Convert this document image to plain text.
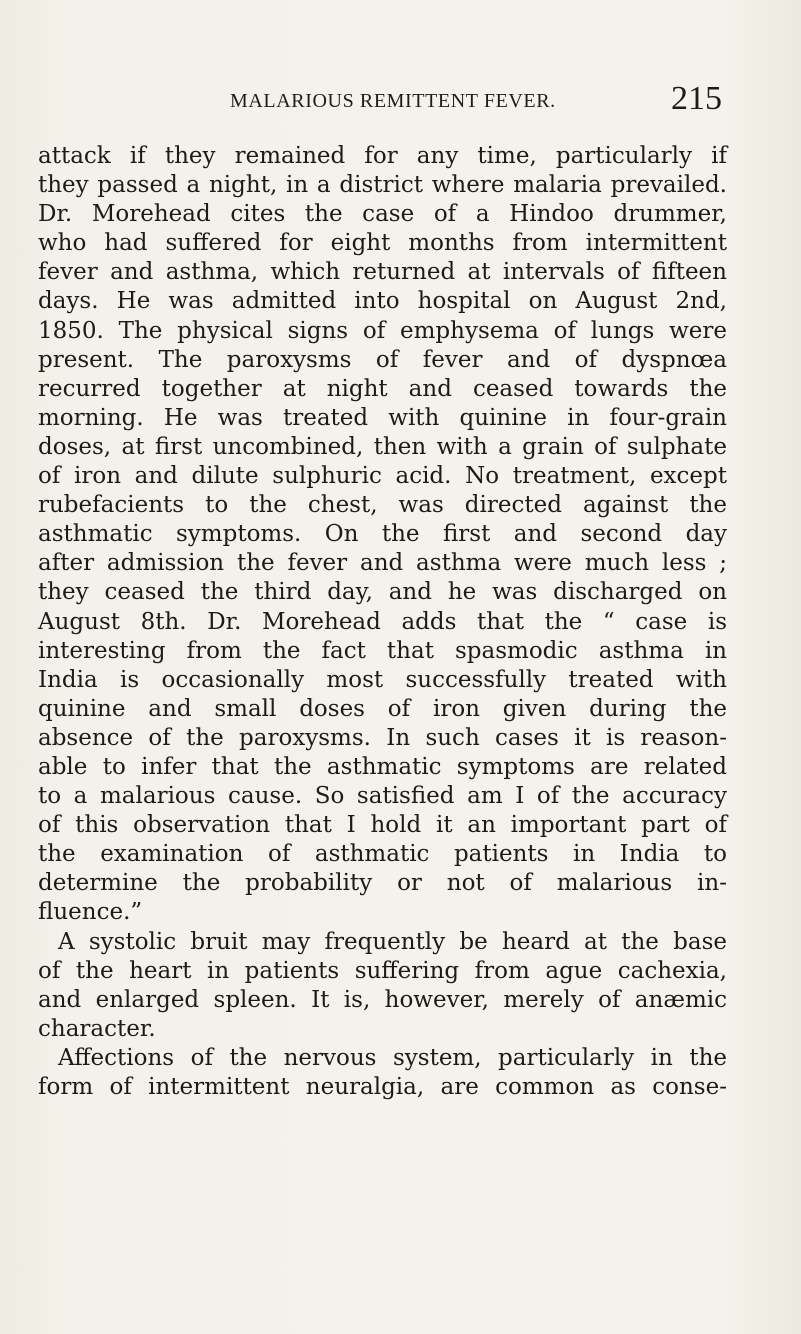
MALARIOUS REMITTENT FEVER.	215
attack if they remained for any time, particularly if
they passed a night, in a district where malaria prevailed.
Dr. Morehead cites the case of a Hindoo drummer,
who had suffered for eight months from intermittent
fever and asthma, which returned at intervals of fifteen
days. He was admitted into hospital on August 2nd,
1850. The physical signs of emphysema of lungs were
present. The paroxysms of fever and of dyspnœa
recurred together at night and ceased towards the
morning. He was treated with quinine in four-grain
doses, at first uncombined, then with a grain of sulphate
of iron and dilute sulphuric acid. No treatment, except
rubefacients to the chest, was directed against the
asthmatic symptoms. On the first and second day
after admission the fever and asthma were much less ;
they ceased the third day, and he was discharged on
August 8th. Dr. Morehead adds that the “ case is
interesting from the fact that spasmodic asthma in
India is occasionally most successfully treated with
quinine and small doses of iron given during the
absence of the paroxysms. In such cases it is reason-
able to infer that the asthmatic symptoms are related
to a malarious cause. So satisfied am I of the accuracy
of this observation that I hold it an important part of
the examination of asthmatic patients in India to
determine the probability or not of malarious in-
fluence.”
A systolic bruit may frequently be heard at the base
of the heart in patients suffering from ague cachexia,
and enlarged spleen. It is, however, merely of anæmic
character.
Affections of the nervous system, particularly in the
form of intermittent neuralgia, are common as conse-
